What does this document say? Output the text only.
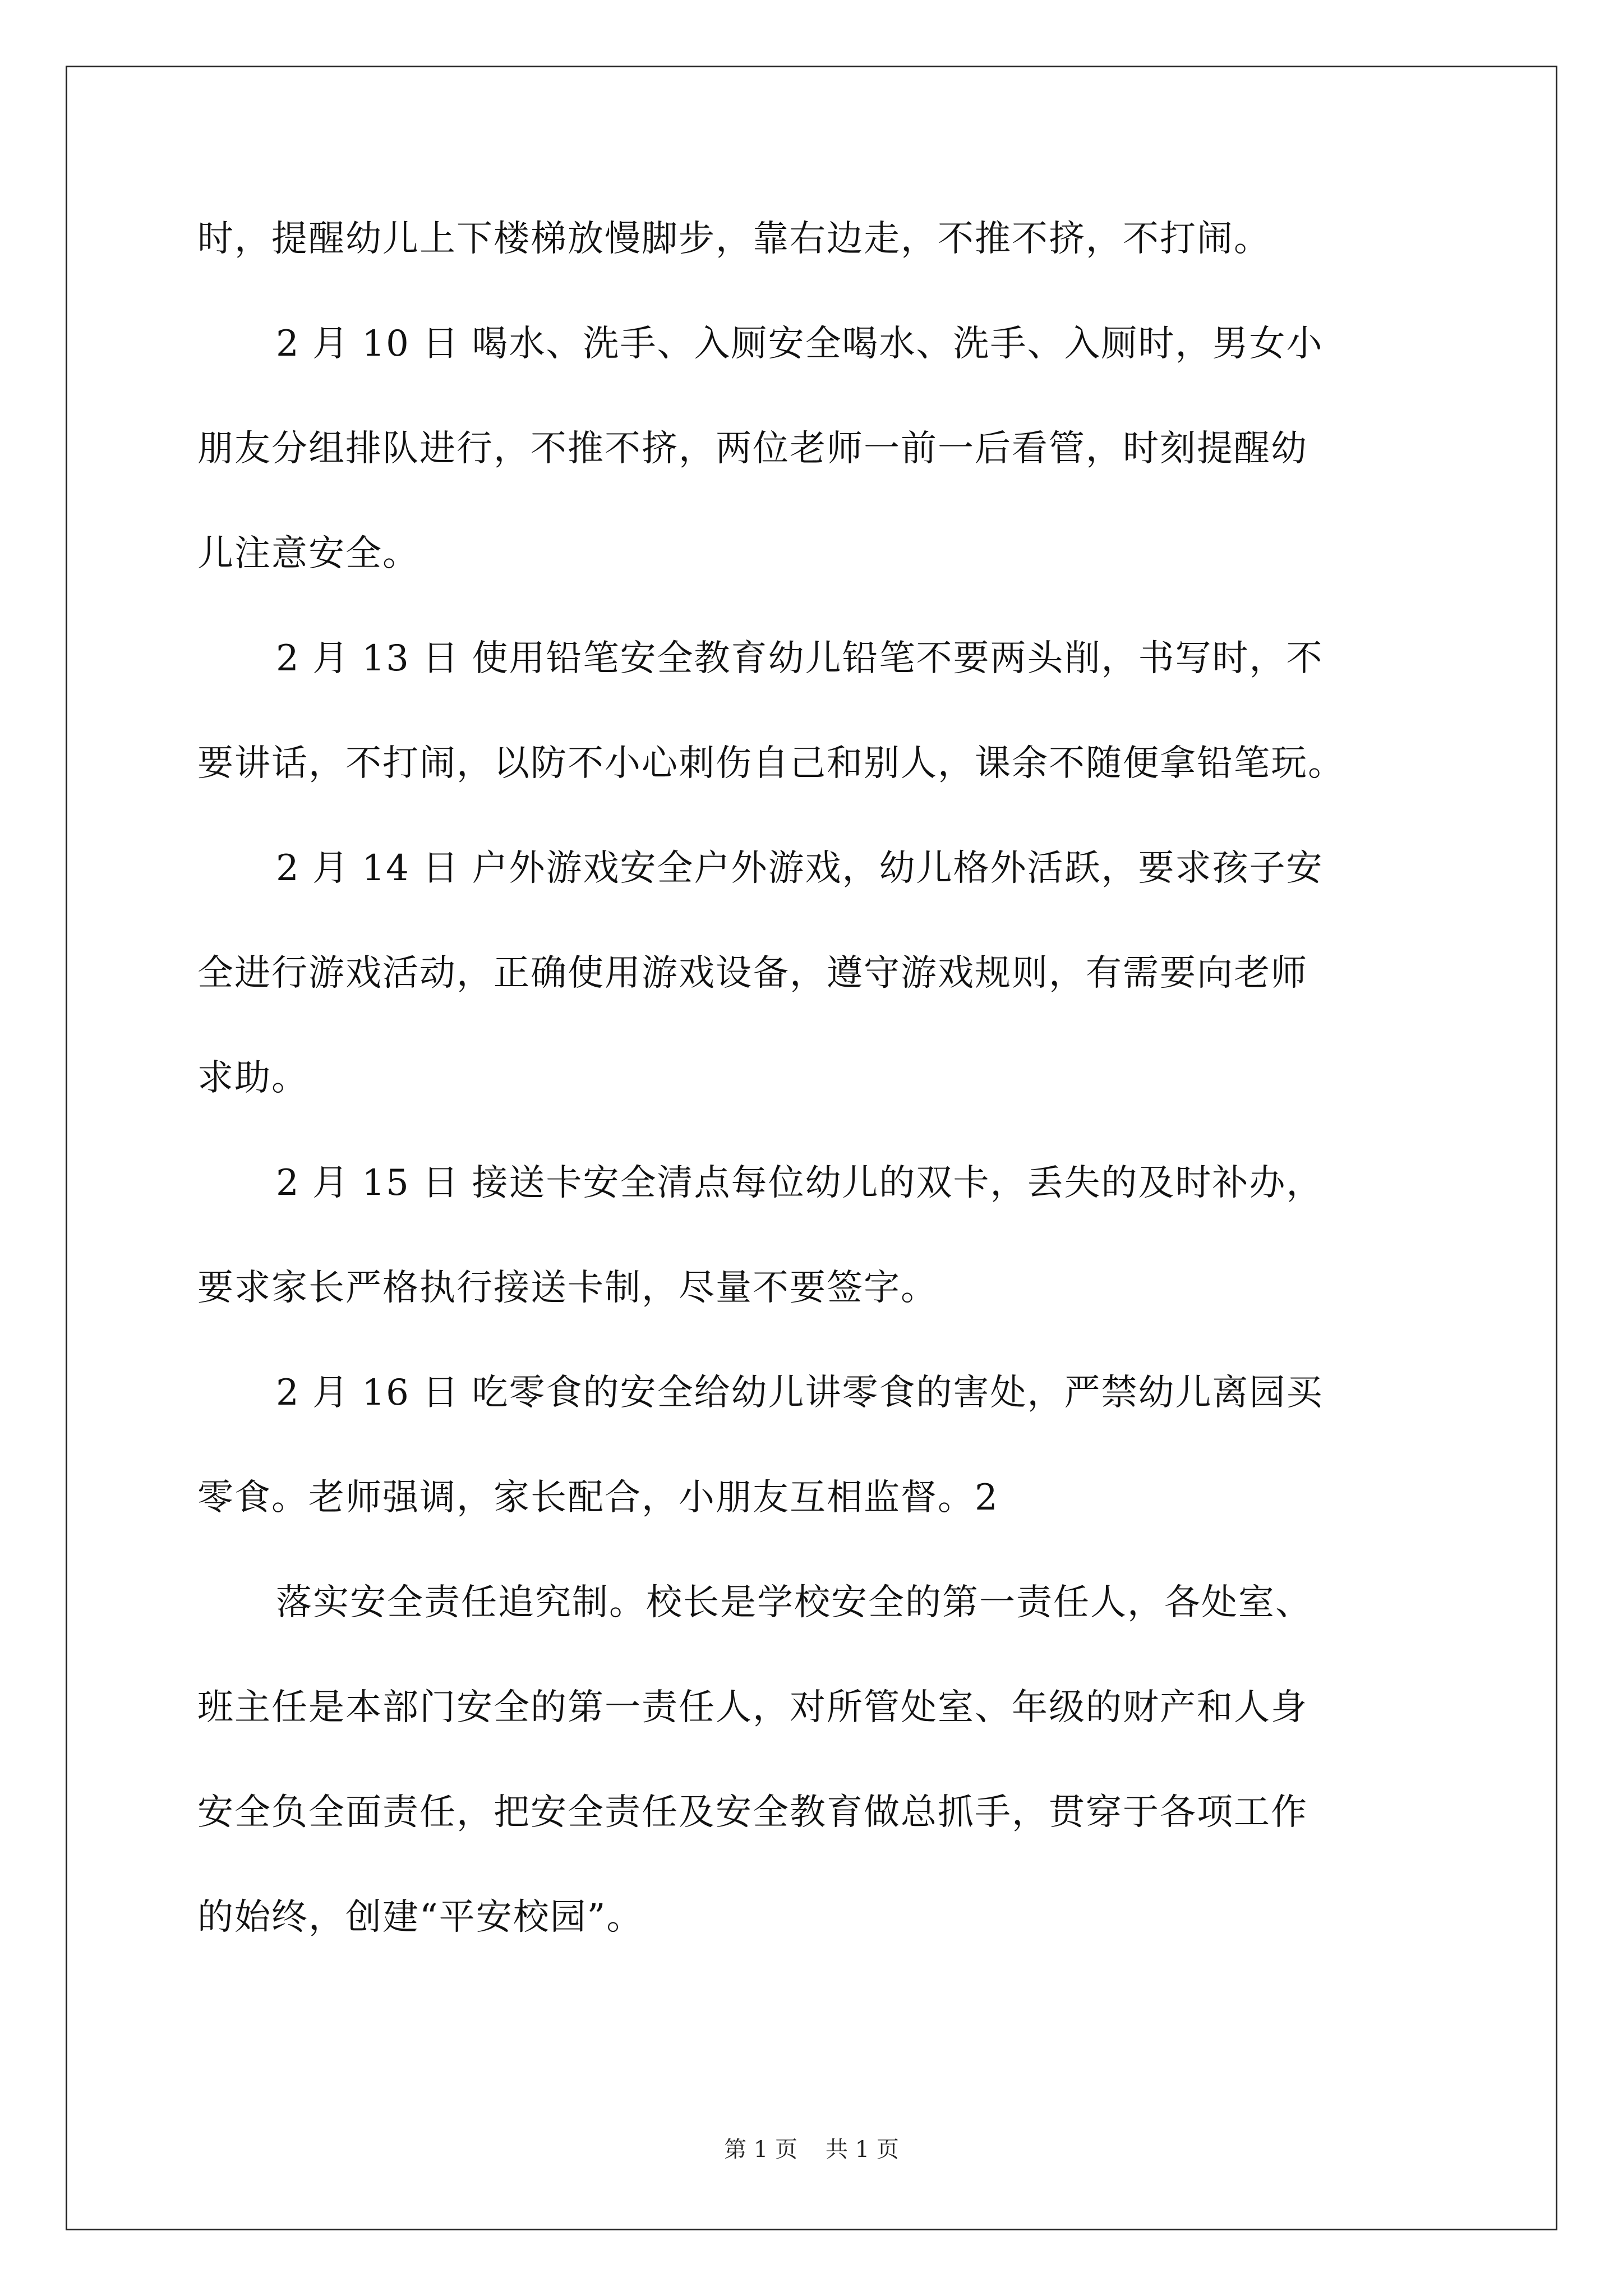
时，提醒幼儿上下楼梯放慢脚步，靠右边走，不推不挤，不打闹。
2 月 10 日 喝水、洗手、入厕安全喝水、洗手、入厕时，男女小
朋友分组排队进行，不推不挤，两位老师一前一后看管，时刻提醒幼
儿注意安全。
2 月 13 日 使用铅笔安全教育幼儿铅笔不要两头削，书写时，不
要讲话，不打闹，以防不小心刺伤自己和别人，课余不随便拿铅笔玩。
2 月 14 日 户外游戏安全户外游戏，幼儿格外活跃，要求孩子安
全进行游戏活动，正确使用游戏设备，遵守游戏规则，有需要向老师
求助。
2 月 15 日 接送卡安全清点每位幼儿的双卡，丢失的及时补办，
要求家长严格执行接送卡制，尽量不要签字。
2 月 16 日 吃零食的安全给幼儿讲零食的害处，严禁幼儿离园买
零食。老师强调，家长配合，小朋友互相监督。2
落实安全责任追究制。校长是学校安全的第一责任人，各处室、
班主任是本部门安全的第一责任人，对所管处室、年级的财产和人身
安全负全面责任，把安全责任及安全教育做总抓手，贯穿于各项工作
的始终，创建“平安校园”。
第 1 页 共 1 页
